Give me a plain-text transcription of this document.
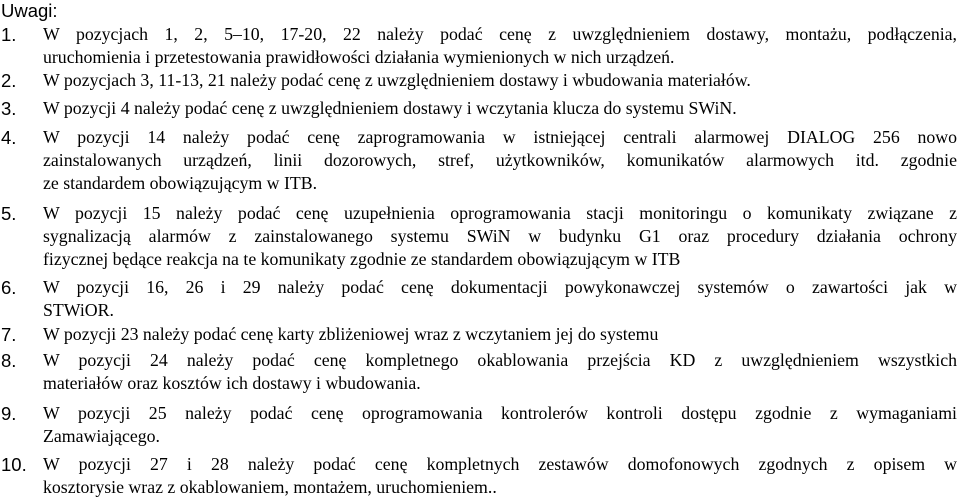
Uwagi:
1. W pozycjach 1, 2, 5–10, 17-20, 22 należy podać cenę z uwzględnieniem dostawy, montażu, podłączenia,
uruchomienia i przetestowania prawidłowości działania wymienionych w nich urządzeń.
2. W pozycjach 3, 11-13, 21 należy podać cenę z uwzględnieniem dostawy i wbudowania materiałów.
3. W pozycji 4 należy podać cenę z uwzględnieniem dostawy i wczytania klucza do systemu SWiN.
4. W pozycji 14 należy podać cenę zaprogramowania w istniejącej centrali alarmowej DIALOG 256 nowo
zainstalowanych urządzeń, linii dozorowych, stref, użytkowników, komunikatów alarmowych itd. zgodnie
ze standardem obowiązującym w ITB.
5. W pozycji 15 należy podać cenę uzupełnienia oprogramowania stacji monitoringu o komunikaty związane z
sygnalizacją alarmów z zainstalowanego systemu SWiN w budynku G1 oraz procedury działania ochrony
fizycznej będące reakcja na te komunikaty zgodnie ze standardem obowiązującym w ITB
6. W pozycji 16, 26 i 29 należy podać cenę dokumentacji powykonawczej systemów o zawartości jak w
STWiOR.
7. W pozycji 23 należy podać cenę karty zbliżeniowej wraz z wczytaniem jej do systemu
8. W pozycji 24 należy podać cenę kompletnego okablowania przejścia KD z uwzględnieniem wszystkich
materiałów oraz kosztów ich dostawy i wbudowania.
9. W pozycji 25 należy podać cenę oprogramowania kontrolerów kontroli dostępu zgodnie z wymaganiami
Zamawiającego.
10. W pozycji 27 i 28 należy podać cenę kompletnych zestawów domofonowych zgodnych z opisem w
kosztorysie wraz z okablowaniem, montażem, uruchomieniem..
